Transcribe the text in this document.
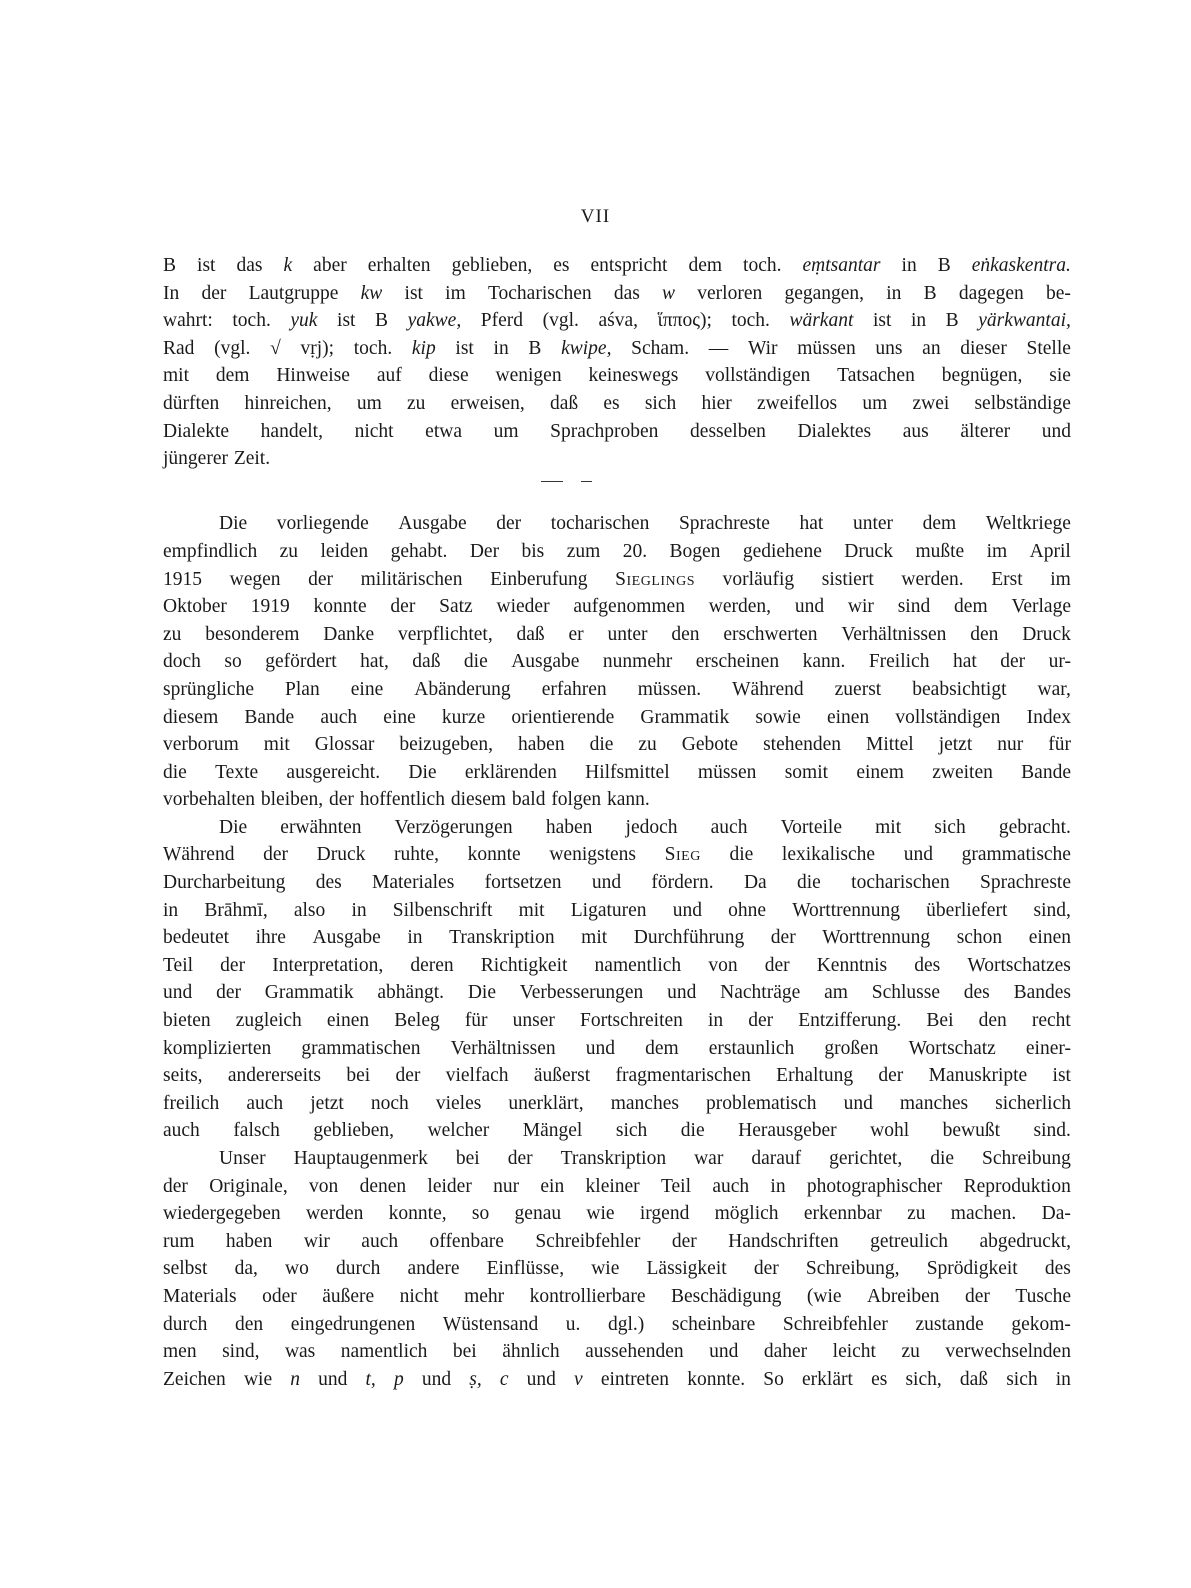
VII
B ist das k aber erhalten geblieben, es entspricht dem toch. eṃtsantar in B eṅkaskentra.
In der Lautgruppe kw ist im Tocharischen das w verloren gegangen, in B dagegen be-
wahrt: toch. yuk ist B yakwe, Pferd (vgl. aśva, ἵππος); toch. wärkant ist in B yärkwantai,
Rad (vgl. √ vṛj); toch. kip ist in B kwipe, Scham. — Wir müssen uns an dieser Stelle
mit dem Hinweise auf diese wenigen keineswegs vollständigen Tatsachen begnügen, sie
dürften hinreichen, um zu erweisen, daß es sich hier zweifellos um zwei selbständige
Dialekte handelt, nicht etwa um Sprachproben desselben Dialektes aus älterer und
jüngerer Zeit.
Die vorliegende Ausgabe der tocharischen Sprachreste hat unter dem Weltkriege
empfindlich zu leiden gehabt. Der bis zum 20. Bogen gediehene Druck mußte im April
1915 wegen der militärischen Einberufung Sieglings vorläufig sistiert werden. Erst im
Oktober 1919 konnte der Satz wieder aufgenommen werden, und wir sind dem Verlage
zu besonderem Danke verpflichtet, daß er unter den erschwerten Verhältnissen den Druck
doch so gefördert hat, daß die Ausgabe nunmehr erscheinen kann. Freilich hat der ur-
sprüngliche Plan eine Abänderung erfahren müssen. Während zuerst beabsichtigt war,
diesem Bande auch eine kurze orientierende Grammatik sowie einen vollständigen Index
verborum mit Glossar beizugeben, haben die zu Gebote stehenden Mittel jetzt nur für
die Texte ausgereicht. Die erklärenden Hilfsmittel müssen somit einem zweiten Bande
vorbehalten bleiben, der hoffentlich diesem bald folgen kann.
Die erwähnten Verzögerungen haben jedoch auch Vorteile mit sich gebracht.
Während der Druck ruhte, konnte wenigstens Sieg die lexikalische und grammatische
Durcharbeitung des Materiales fortsetzen und fördern. Da die tocharischen Sprachreste
in Brāhmī, also in Silbenschrift mit Ligaturen und ohne Worttrennung überliefert sind,
bedeutet ihre Ausgabe in Transkription mit Durchführung der Worttrennung schon einen
Teil der Interpretation, deren Richtigkeit namentlich von der Kenntnis des Wortschatzes
und der Grammatik abhängt. Die Verbesserungen und Nachträge am Schlusse des Bandes
bieten zugleich einen Beleg für unser Fortschreiten in der Entzifferung. Bei den recht
komplizierten grammatischen Verhältnissen und dem erstaunlich großen Wortschatz einer-
seits, andererseits bei der vielfach äußerst fragmentarischen Erhaltung der Manuskripte ist
freilich auch jetzt noch vieles unerklärt, manches problematisch und manches sicherlich
auch falsch geblieben, welcher Mängel sich die Herausgeber wohl bewußt sind.
Unser Hauptaugenmerk bei der Transkription war darauf gerichtet, die Schreibung
der Originale, von denen leider nur ein kleiner Teil auch in photographischer Reproduktion
wiedergegeben werden konnte, so genau wie irgend möglich erkennbar zu machen. Da-
rum haben wir auch offenbare Schreibfehler der Handschriften getreulich abgedruckt,
selbst da, wo durch andere Einflüsse, wie Lässigkeit der Schreibung, Sprödigkeit des
Materials oder äußere nicht mehr kontrollierbare Beschädigung (wie Abreiben der Tusche
durch den eingedrungenen Wüstensand u. dgl.) scheinbare Schreibfehler zustande gekom-
men sind, was namentlich bei ähnlich aussehenden und daher leicht zu verwechselnden
Zeichen wie n und t, p und ṣ, c und v eintreten konnte. So erklärt es sich, daß sich in
